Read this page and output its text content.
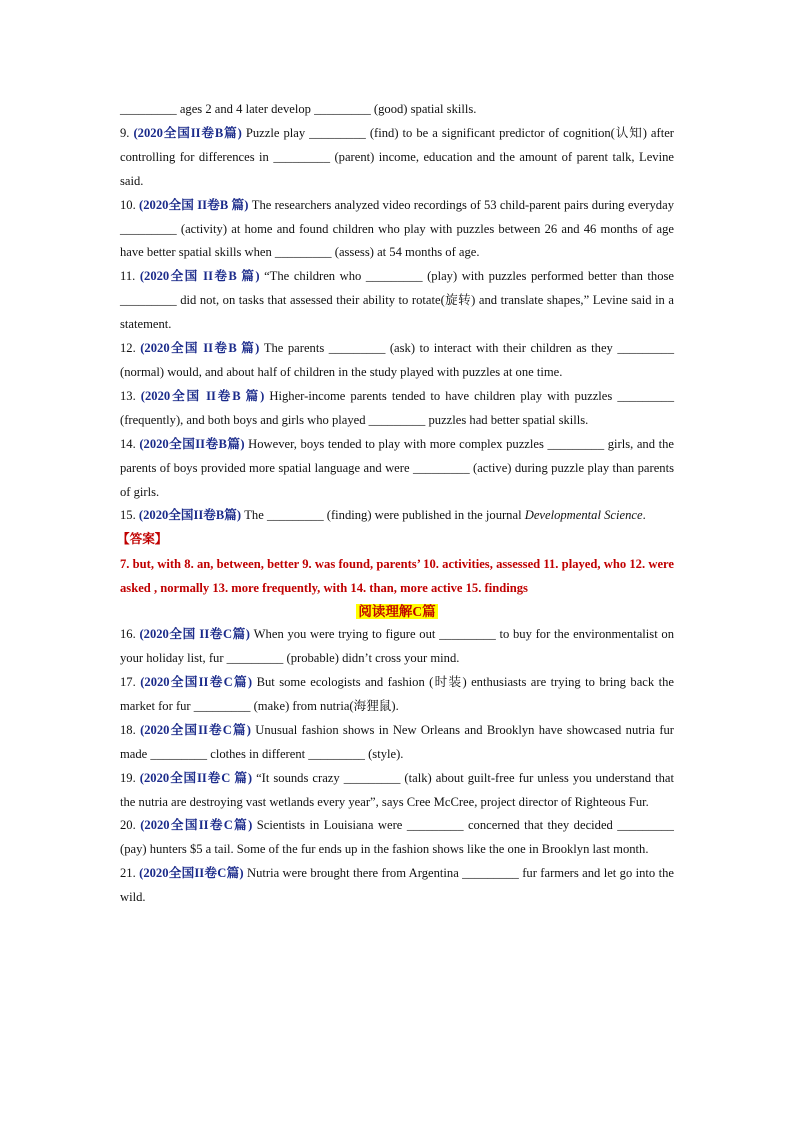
_________ ages 2 and 4 later develop _________ (good) spatial skills.

9. (2020全国II卷B篇) Puzzle play _________ (find) to be a significant predictor of cognition(认知) after controlling for differences in _________ (parent) income, education and the amount of parent talk, Levine said.

10. (2020全国 II卷B 篇) The researchers analyzed video recordings of 53 child-parent pairs during everyday _________ (activity) at home and found children who play with puzzles between 26 and 46 months of age have better spatial skills when _________ (assess) at 54 months of age.

11. (2020全国 II卷B 篇) “The children who _________ (play) with puzzles performed better than those _________ did not, on tasks that assessed their ability to rotate(旋转) and translate shapes,” Levine said in a statement.

12. (2020全国 II卷B 篇) The parents _________ (ask) to interact with their children as they _________ (normal) would, and about half of children in the study played with puzzles at one time.

13. (2020全国 II卷B 篇) Higher-income parents tended to have children play with puzzles _________ (frequently), and both boys and girls who played _________ puzzles had better spatial skills.

14. (2020全国II卷B篇) However, boys tended to play with more complex puzzles _________ girls, and the parents of boys provided more spatial language and were _________ (active) during puzzle play than parents of girls.

15. (2020全国II卷B篇) The _________ (finding) were published in the journal Developmental Science.

【答案】

7. but, with 8. an, between, better 9. was found, parents’ 10. activities, assessed 11. played, who 12. were asked , normally 13. more frequently, with 14. than, more active 15. findings

阅读理解C篇

16. (2020全国 II卷C篇) When you were trying to figure out _________ to buy for the environmentalist on your holiday list, fur _________ (probable) didn’t cross your mind.

17. (2020全国II卷C篇) But some ecologists and fashion (时装) enthusiasts are trying to bring back the market for fur _________ (make) from nutria(海狸鼠).

18. (2020全国II卷C篇) Unusual fashion shows in New Orleans and Brooklyn have showcased nutria fur made _________ clothes in different _________ (style).

19. (2020全国II卷C 篇) “It sounds crazy _________ (talk) about guilt-free fur unless you understand that the nutria are destroying vast wetlands every year”, says Cree McCree, project director of Righteous Fur.

20. (2020全国II卷C篇) Scientists in Louisiana were _________ concerned that they decided _________ (pay) hunters $5 a tail. Some of the fur ends up in the fashion shows like the one in Brooklyn last month.

21. (2020全国II卷C篇) Nutria were brought there from Argentina _________ fur farmers and let go into the wild.
